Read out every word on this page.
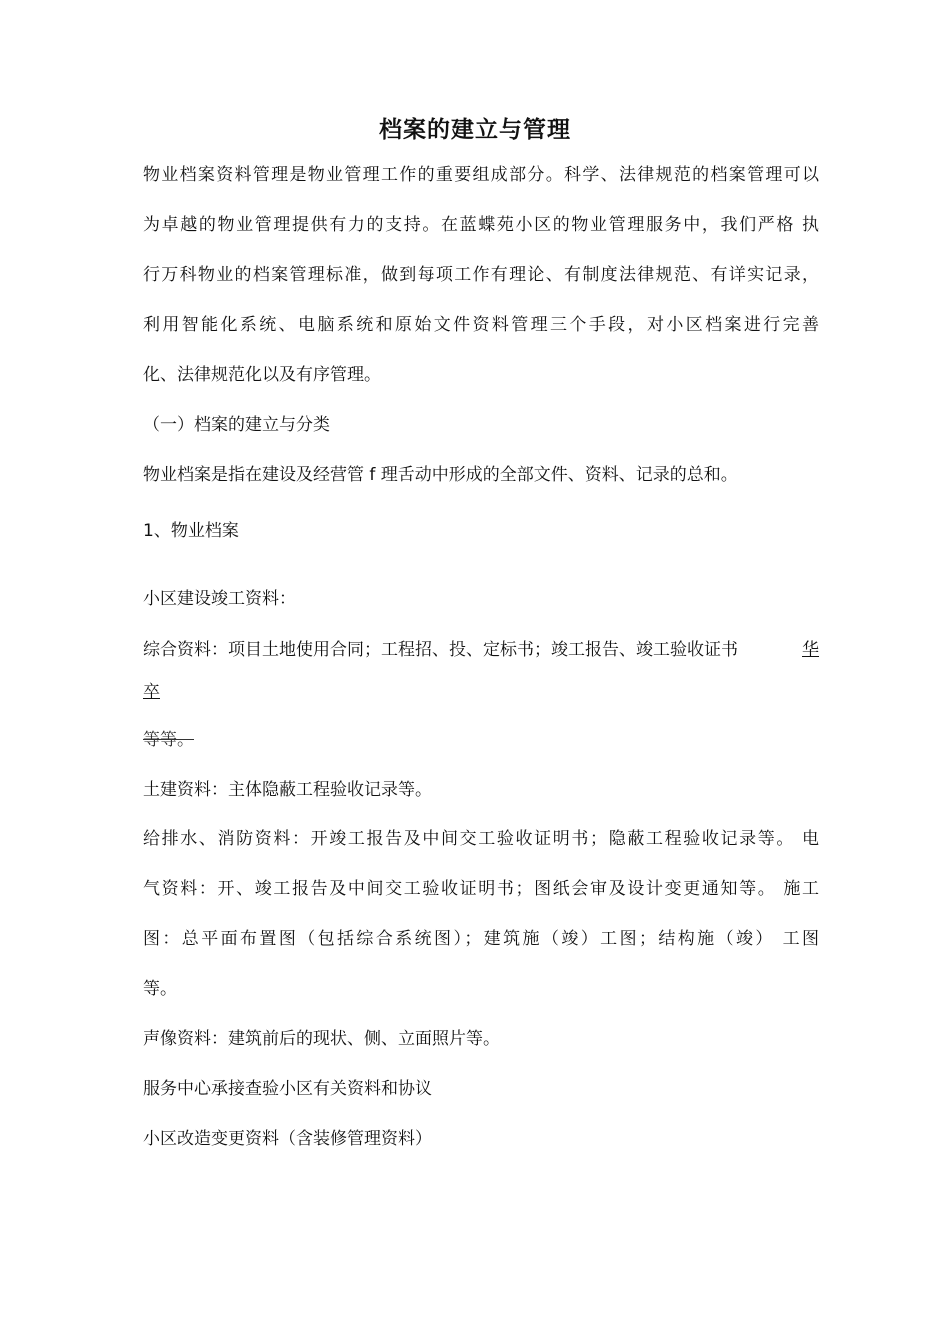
档案的建立与管理
物业档案资料管理是物业管理工作的重要组成部分。科学、法律规范的档案管理可以
为卓越的物业管理提供有力的支持。在蓝蝶苑小区的物业管理服务中，我们严格 执
行万科物业的档案管理标准，做到每项工作有理论、有制度法律规范、有详实记录，
利用智能化系统、电脑系统和原始文件资料管理三个手段，对小区档案进行完善
化、法律规范化以及有序管理。
（一）档案的建立与分类
物业档案是指在建设及经营管 f 理舌动中形成的全部文件、资料、记录的总和。
1、物业档案
小区建设竣工资料：
综合资料：项目土地使用合同；工程招、投、定标书；竣工报告、竣工验收证书	华
卒
等等。
土建资料：主体隐蔽工程验收记录等。
给排水、消防资料：开竣工报告及中间交工验收证明书；隐蔽工程验收记录等。 电
气资料：开、竣工报告及中间交工验收证明书；图纸会审及设计变更通知等。 施工
图：总平面布置图（包括综合系统图）；建筑施（竣）工图；结构施（竣） 工图
等。
声像资料：建筑前后的现状、侧、立面照片等。
服务中心承接查验小区有关资料和协议
小区改造变更资料（含装修管理资料）
